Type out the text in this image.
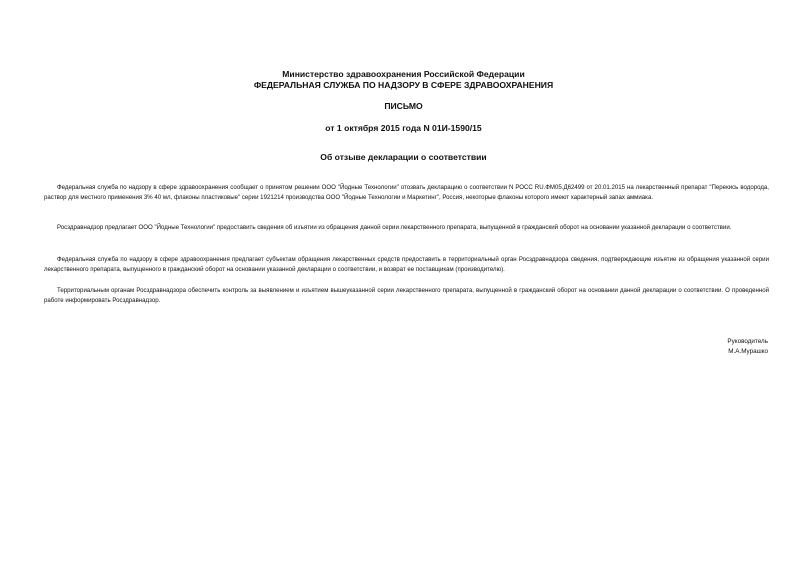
Министерство здравоохранения Российской Федерации
ФЕДЕРАЛЬНАЯ СЛУЖБА ПО НАДЗОРУ В СФЕРЕ ЗДРАВООХРАНЕНИЯ
ПИСЬМО
от 1 октября 2015 года N 01И-1590/15
Об отзыве декларации о соответствии

Федеральная служба по надзору в сфере здравоохранения сообщает о принятом решении ООО "Йодные Технологии" отозвать декларацию о соответствии N РОСС RU.ФМ05.Д62499 от 20.01.2015 на лекарственный препарат "Перекись водорода, раствор для местного применения 3% 40 мл, флаконы пластиковые" серии 1921214 производства ООО "Йодные Технологии и Маркетинг", Россия, некоторые флаконы которого имеют характерный запах аммиака.

Росздравнадзор предлагает ООО "Йодные Технологии" предоставить сведения об изъятии из обращения данной серии лекарственного препарата, выпущенной в гражданский оборот на основании указанной декларации о соответствии.

Федеральная служба по надзору в сфере здравоохранения предлагает субъектам обращения лекарственных средств предоставить в территориальный орган Росздравнадзора сведения, подтверждающие изъятие из обращения указанной серии лекарственного препарата, выпущенного в гражданский оборот на основании указанной декларации о соответствии, и возврат ее поставщикам (производителю).

Территориальным органам Росздравнадзора обеспечить контроль за выявлением и изъятием вышеуказанной серии лекарственного препарата, выпущенной в гражданский оборот на основании данной декларации о соответствии. О проведенной работе информировать Росздравнадзор.

Руководитель
М.А.Мурашко
